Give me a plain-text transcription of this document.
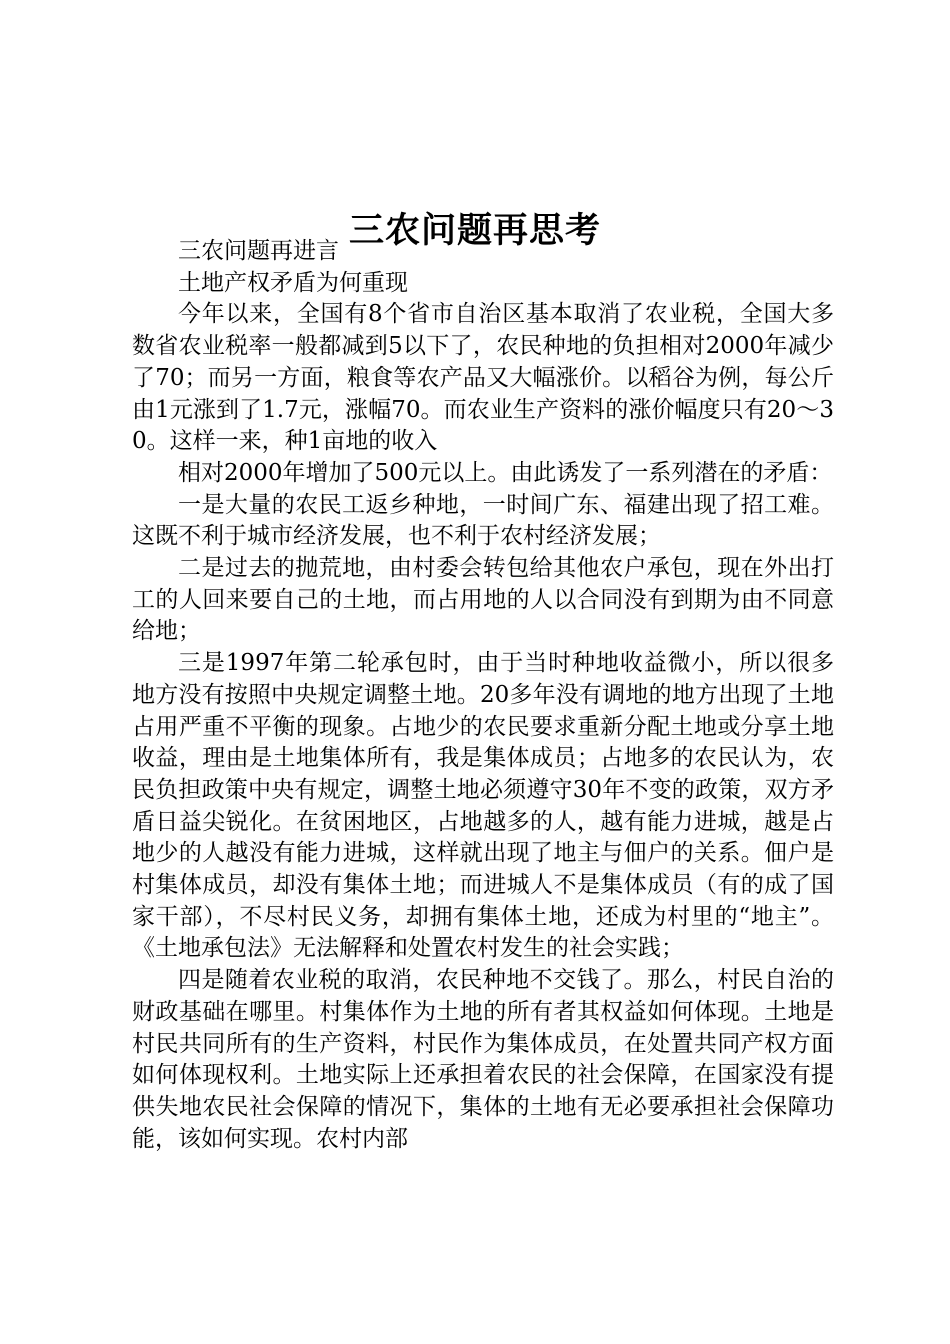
三农问题再思考

三农问题再进言

土地产权矛盾为何重现

今年以来，全国有8个省市自治区基本取消了农业税，全国大多数省农业税率一般都减到5以下了，农民种地的负担相对2000年减少了70；而另一方面，粮食等农产品又大幅涨价。以稻谷为例，每公斤由1元涨到了1.7元，涨幅70。而农业生产资料的涨价幅度只有20～30。这样一来，种1亩地的收入

相对2000年增加了500元以上。由此诱发了一系列潜在的矛盾：

一是大量的农民工返乡种地，一时间广东、福建出现了招工难。这既不利于城市经济发展，也不利于农村经济发展；

二是过去的抛荒地，由村委会转包给其他农户承包，现在外出打工的人回来要自己的土地，而占用地的人以合同没有到期为由不同意给地；

三是1997年第二轮承包时，由于当时种地收益微小，所以很多地方没有按照中央规定调整土地。20多年没有调地的地方出现了土地占用严重不平衡的现象。占地少的农民要求重新分配土地或分享土地收益，理由是土地集体所有，我是集体成员；占地多的农民认为，农民负担政策中央有规定，调整土地必须遵守30年不变的政策，双方矛盾日益尖锐化。在贫困地区，占地越多的人，越有能力进城，越是占地少的人越没有能力进城，这样就出现了地主与佃户的关系。佃户是村集体成员，却没有集体土地；而进城人不是集体成员（有的成了国家干部），不尽村民义务，却拥有集体土地，还成为村里的“地主”。《土地承包法》无法解释和处置农村发生的社会实践；

四是随着农业税的取消，农民种地不交钱了。那么，村民自治的财政基础在哪里。村集体作为土地的所有者其权益如何体现。土地是村民共同所有的生产资料，村民作为集体成员，在处置共同产权方面如何体现权利。土地实际上还承担着农民的社会保障，在国家没有提供失地农民社会保障的情况下，集体的土地有无必要承担社会保障功能，该如何实现。农村内部
